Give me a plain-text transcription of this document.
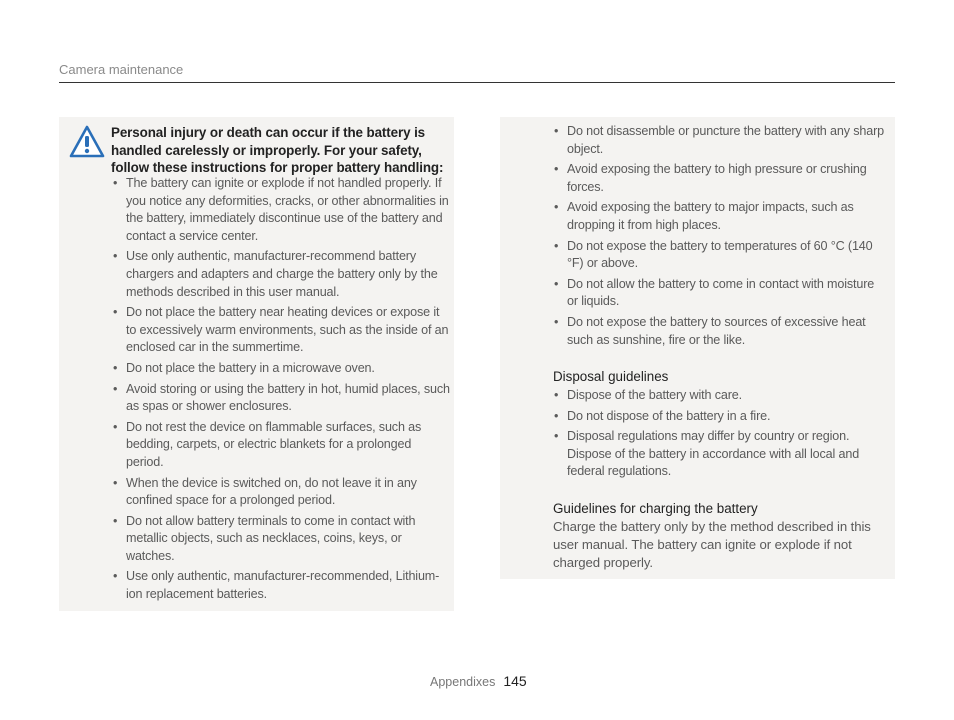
Camera maintenance
Personal injury or death can occur if the battery is handled carelessly or improperly. For your safety, follow these instructions for proper battery handling:
• The battery can ignite or explode if not handled properly. If you notice any deformities, cracks, or other abnormalities in the battery, immediately discontinue use of the battery and contact a service center.
• Use only authentic, manufacturer-recommend battery chargers and adapters and charge the battery only by the methods described in this user manual.
• Do not place the battery near heating devices or expose it to excessively warm environments, such as the inside of an enclosed car in the summertime.
• Do not place the battery in a microwave oven.
• Avoid storing or using the battery in hot, humid places, such as spas or shower enclosures.
• Do not rest the device on flammable surfaces, such as bedding, carpets, or electric blankets for a prolonged period.
• When the device is switched on, do not leave it in any confined space for a prolonged period.
• Do not allow battery terminals to come in contact with metallic objects, such as necklaces, coins, keys, or watches.
• Use only authentic, manufacturer-recommended, Lithium-ion replacement batteries.
• Do not disassemble or puncture the battery with any sharp object.
• Avoid exposing the battery to high pressure or crushing forces.
• Avoid exposing the battery to major impacts, such as dropping it from high places.
• Do not expose the battery to temperatures of 60 °C (140 °F) or above.
• Do not allow the battery to come in contact with moisture or liquids.
• Do not expose the battery to sources of excessive heat such as sunshine, fire or the like.
Disposal guidelines
• Dispose of the battery with care.
• Do not dispose of the battery in a fire.
• Disposal regulations may differ by country or region. Dispose of the battery in accordance with all local and federal regulations.
Guidelines for charging the battery
Charge the battery only by the method described in this user manual. The battery can ignite or explode if not charged properly.
Appendixes 145
